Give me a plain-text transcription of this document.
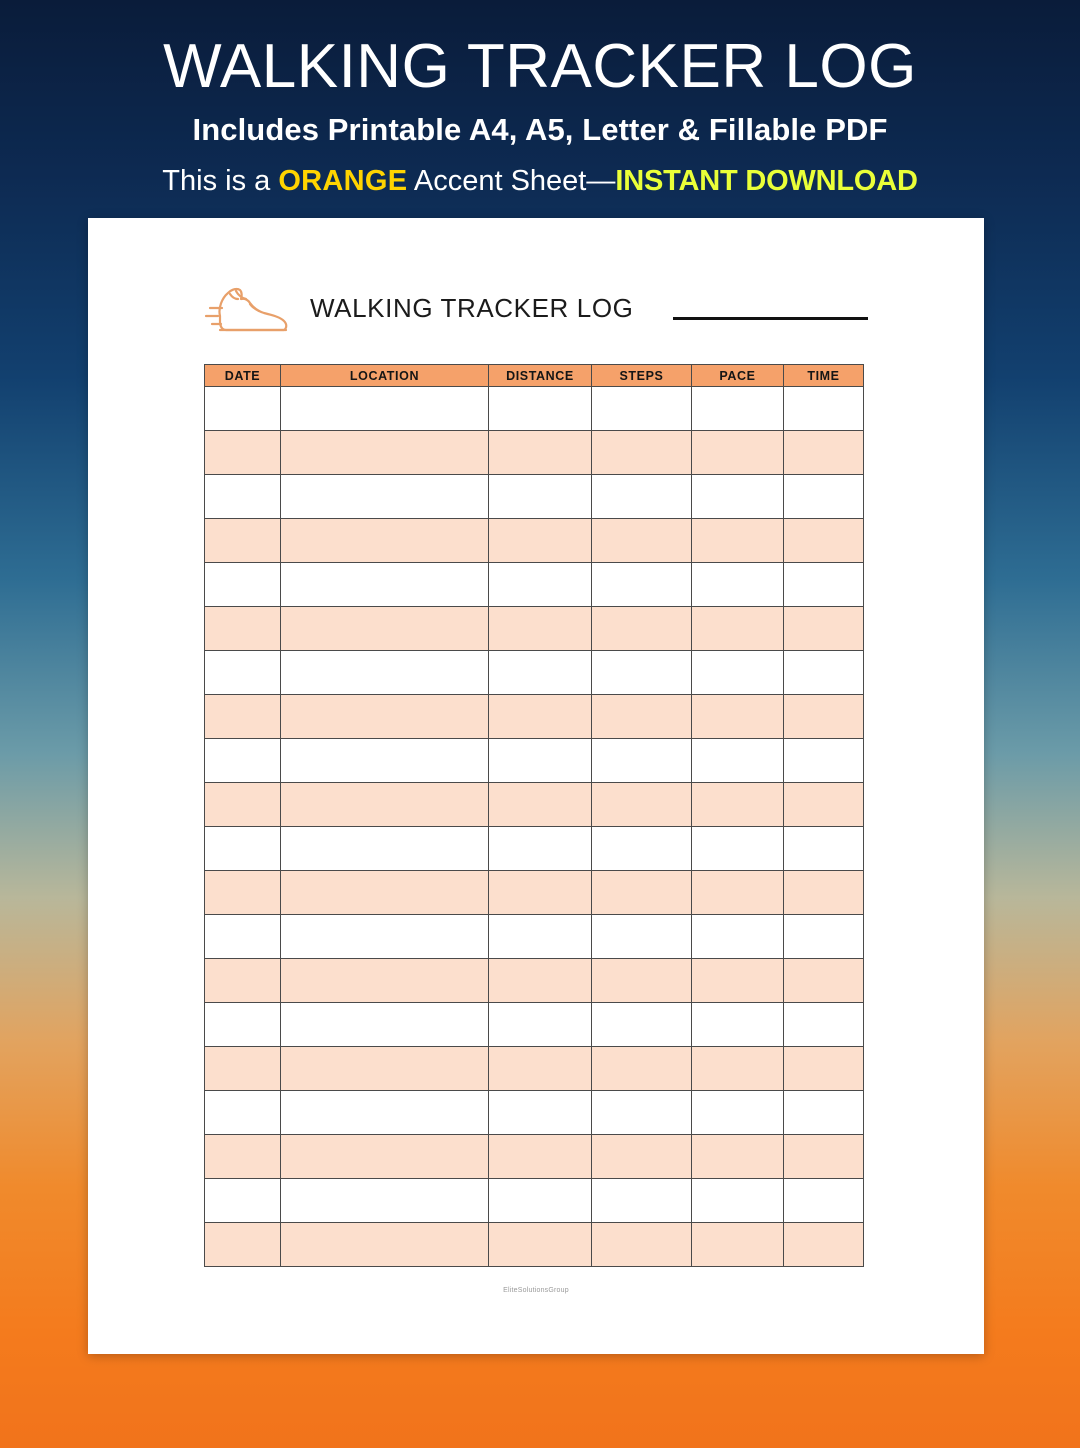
WALKING TRACKER LOG
Includes Printable A4, A5, Letter & Fillable PDF
This is a ORANGE Accent Sheet—INSTANT DOWNLOAD
WALKING TRACKER LOG
DATE	LOCATION	DISTANCE	STEPS	PACE	TIME

EliteSolutionsGroup
